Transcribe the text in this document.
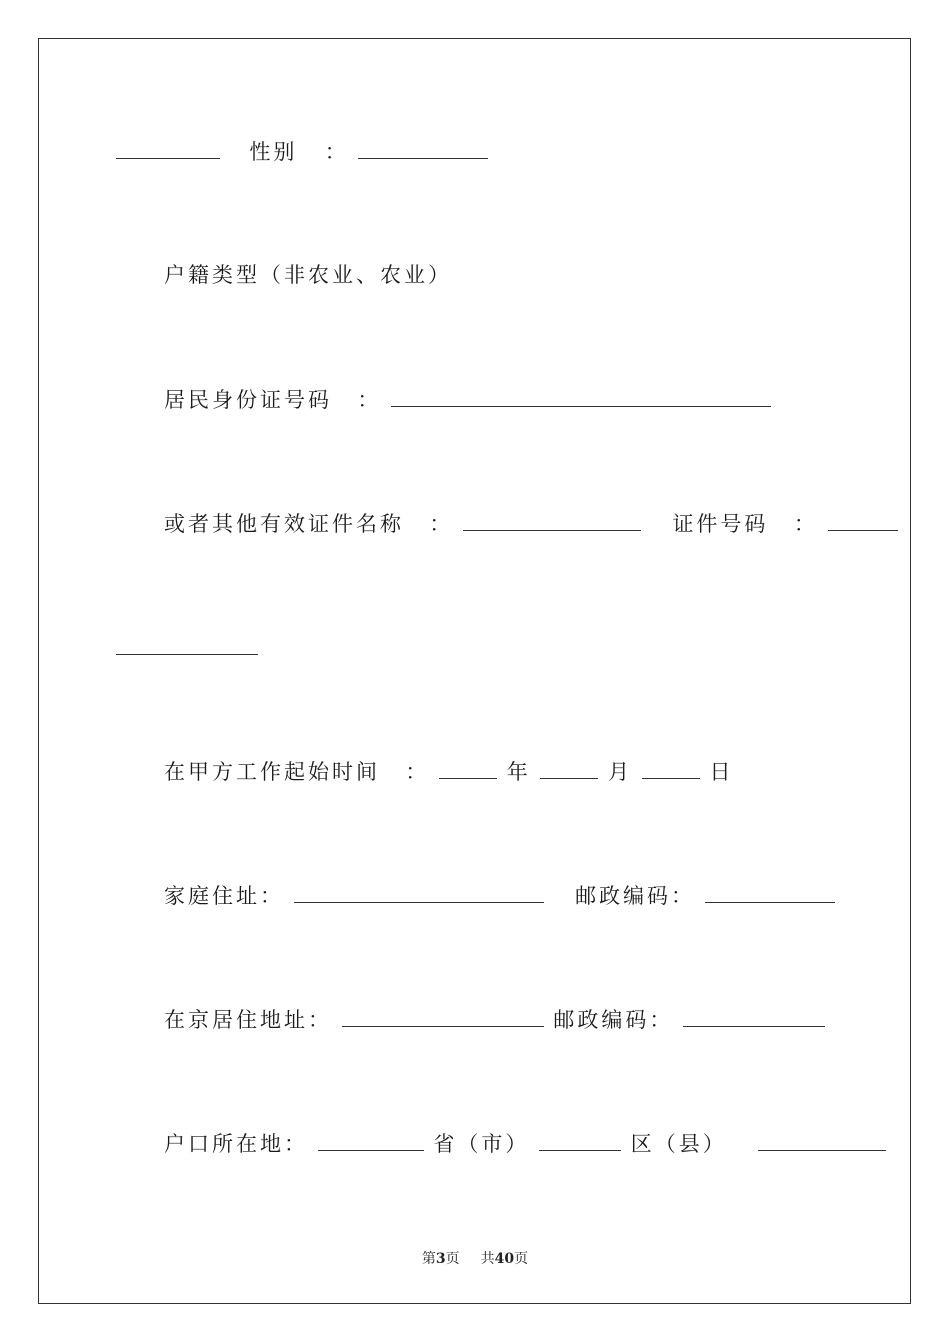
性别 ：
户籍类型（非农业、农业）
居民身份证号码 ：
或者其他有效证件名称 ：	证件号码 ：
在甲方工作起始时间 ：	年	月	日
家庭住址：	邮政编码：
在京居住地址：	邮政编码：
户口所在地：	省（市）	区（县）
第3页 共40页
